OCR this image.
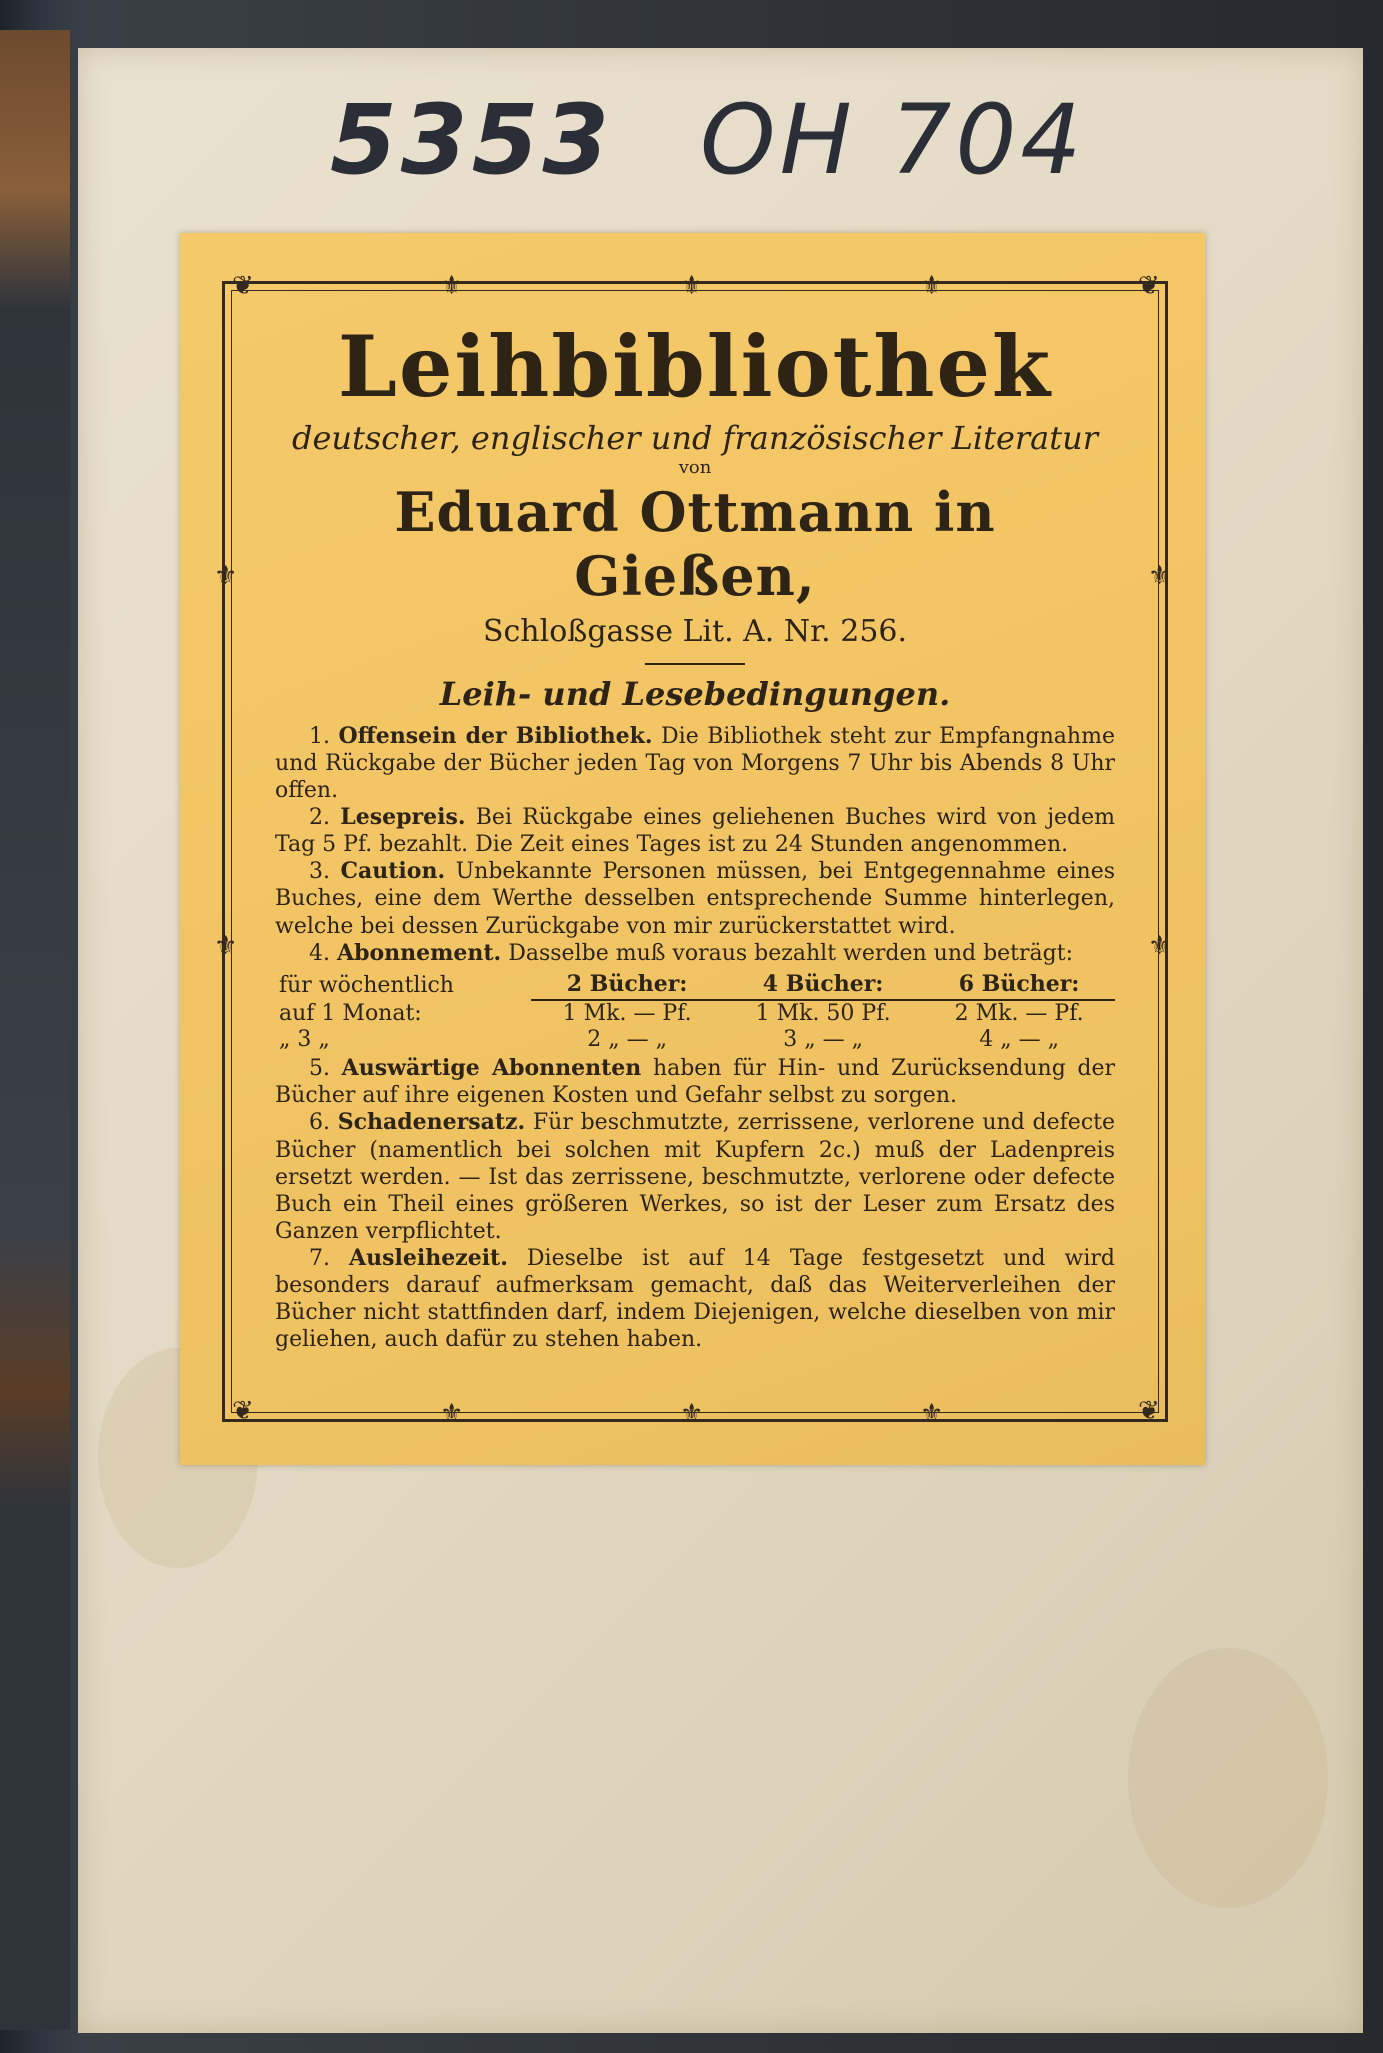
5353 OH 704
❦	❦
❦	❦
⚜	⚜	⚜
⚜	⚜	⚜
⚜
⚜
⚜
⚜
Leihbibliothek

deutscher, englischer und französischer Literatur

von

Eduard Ottmann in Gießen,

Schloßgasse Lit. A. Nr. 256.

Leih- und Lesebedingungen.

1. Offensein der Bibliothek. Die Bibliothek steht zur Empfangnahme und Rückgabe der Bücher jeden Tag von Morgens 7 Uhr bis Abends 8 Uhr offen.

2. Lesepreis. Bei Rückgabe eines geliehenen Buches wird von jedem Tag 5 Pf. bezahlt. Die Zeit eines Tages ist zu 24 Stunden angenommen.

3. Caution. Unbekannte Personen müssen, bei Entgegennahme eines Buches, eine dem Werthe desselben entsprechende Summe hinterlegen, welche bei dessen Zurückgabe von mir zurückerstattet wird.

4. Abonnement. Dasselbe muß voraus bezahlt werden und beträgt:

für wöchentlich	2 Bücher:	4 Bücher:	6 Bücher:
auf 1 Monat:	1 Mk. — Pf.	1 Mk. 50 Pf.	2 Mk. — Pf.
„ 3 „	2 „ — „	3 „ — „	4 „ — „

5. Auswärtige Abonnenten haben für Hin- und Zurücksendung der Bücher auf ihre eigenen Kosten und Gefahr selbst zu sorgen.

6. Schadenersatz. Für beschmutzte, zerrissene, verlorene und defecte Bücher (namentlich bei solchen mit Kupfern 2c.) muß der Ladenpreis ersetzt werden. — Ist das zerrissene, beschmutzte, verlorene oder defecte Buch ein Theil eines größeren Werkes, so ist der Leser zum Ersatz des Ganzen verpflichtet.

7. Ausleihezeit. Dieselbe ist auf 14 Tage festgesetzt und wird besonders darauf aufmerksam gemacht, daß das Weiterverleihen der Bücher nicht stattfinden darf, indem Diejenigen, welche dieselben von mir geliehen, auch dafür zu stehen haben.
